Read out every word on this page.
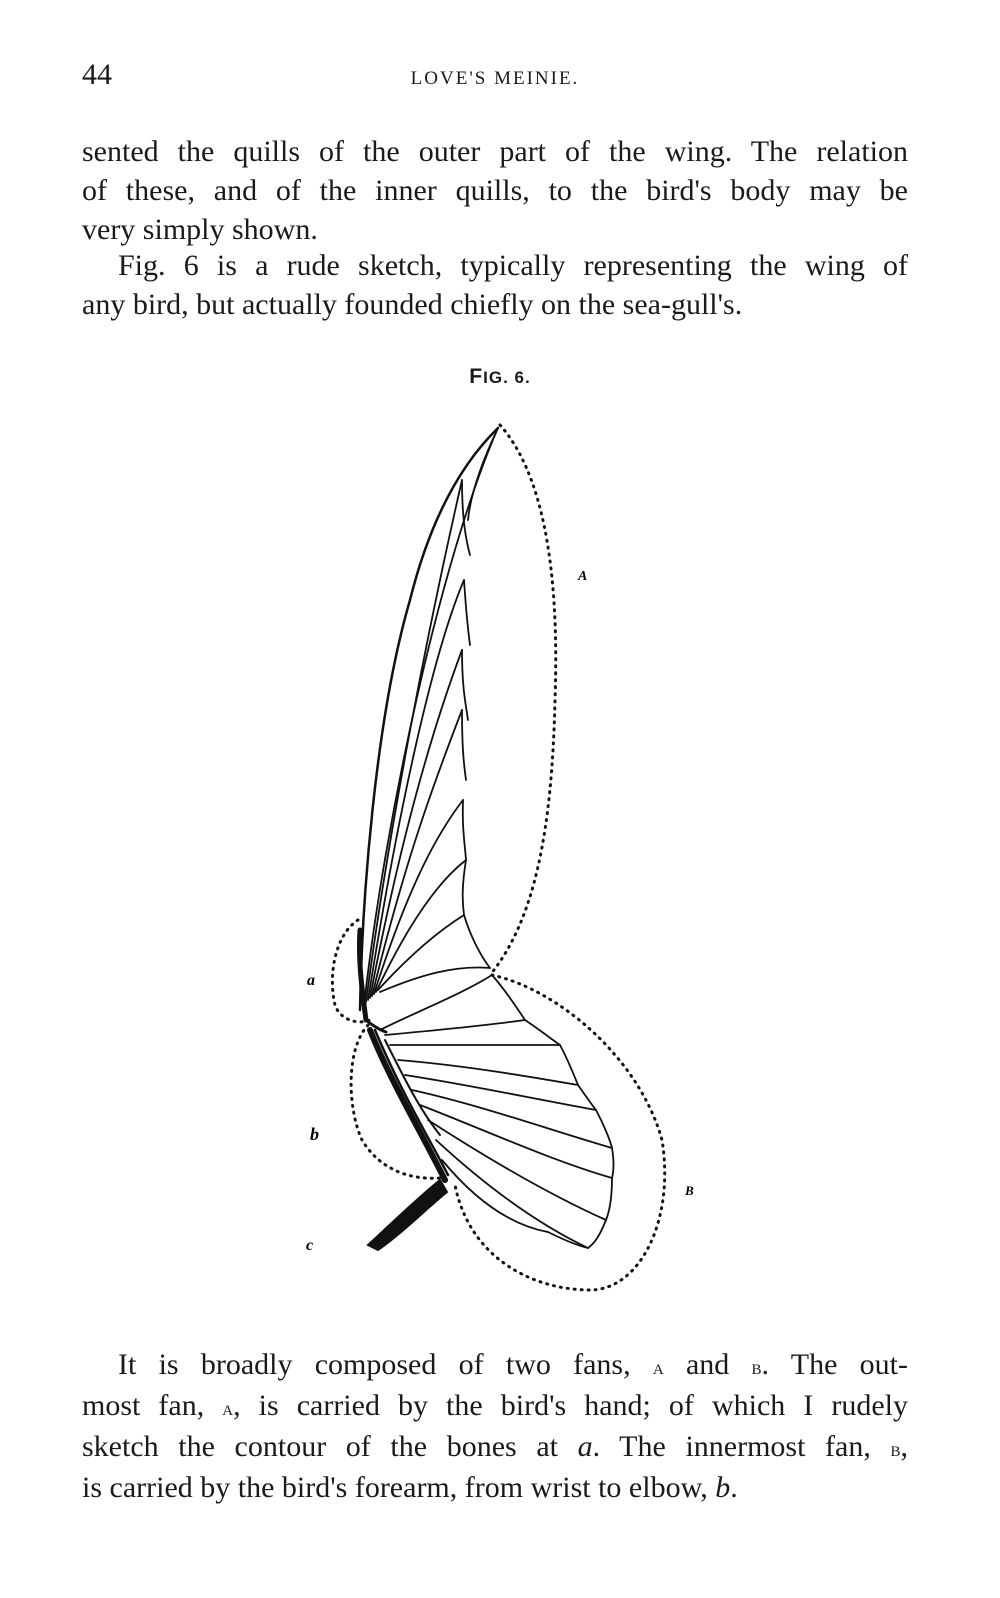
44	LOVE'S MEINIE.

sented the quills of the outer part of the wing. The relation
of these, and of the inner quills, to the bird's body may be
very simply shown.

Fig. 6 is a rude sketch, typically representing the wing of
any bird, but actually founded chiefly on the sea-gull's.

FIG. 6.
A
B
a
b
c

It is broadly composed of two fans, a and b. The out-
most fan, a, is carried by the bird's hand; of which I rudely
sketch the contour of the bones at a. The innermost fan, b,
is carried by the bird's forearm, from wrist to elbow, b.
